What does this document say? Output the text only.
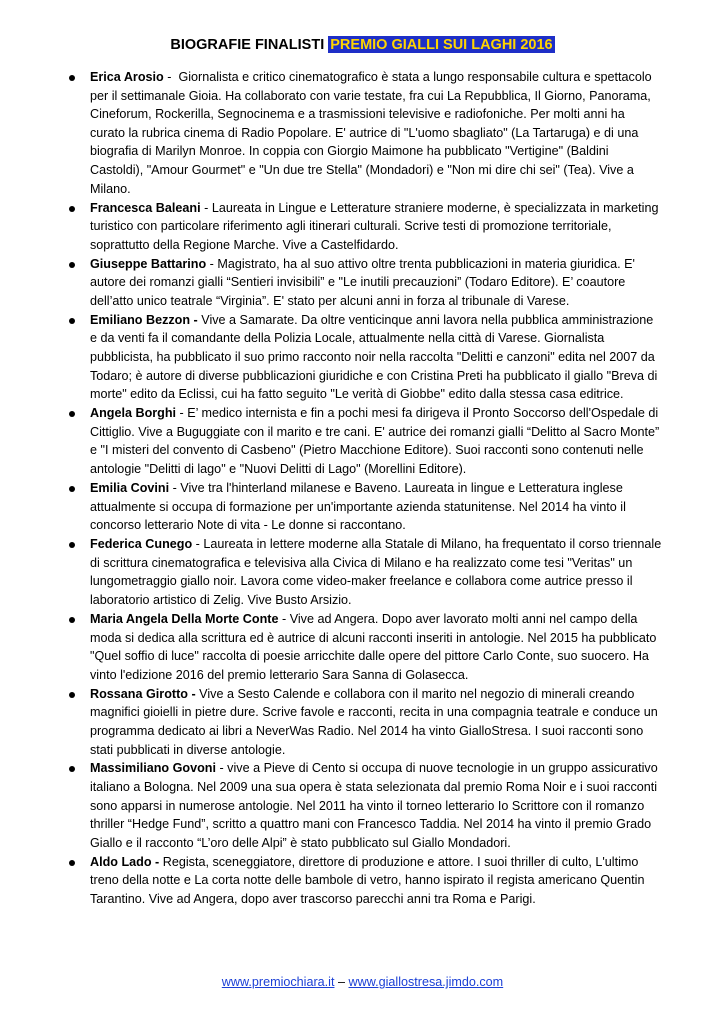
BIOGRAFIE FINALISTI PREMIO GIALLI SUI LAGHI 2016
Erica Arosio -  Giornalista e critico cinematografico è stata a lungo responsabile cultura e spettacolo per il settimanale Gioia. Ha collaborato con varie testate, fra cui La Repubblica, Il Giorno, Panorama, Cineforum, Rockerilla, Segnocinema e a trasmissioni televisive e radiofoniche. Per molti anni ha curato la rubrica cinema di Radio Popolare. E' autrice di "L'uomo sbagliato" (La Tartaruga) e di una biografia di Marilyn Monroe. In coppia con Giorgio Maimone ha pubblicato "Vertigine" (Baldini Castoldi), "Amour Gourmet" e "Un due tre Stella" (Mondadori) e "Non mi dire chi sei" (Tea). Vive a Milano.
Francesca Baleani - Laureata in Lingue e Letterature straniere moderne, è specializzata in marketing turistico con particolare riferimento agli itinerari culturali. Scrive testi di promozione territoriale, soprattutto della Regione Marche. Vive a Castelfidardo.
Giuseppe Battarino - Magistrato, ha al suo attivo oltre trenta pubblicazioni in materia giuridica. E' autore dei romanzi gialli “Sentieri invisibili” e "Le inutili precauzioni” (Todaro Editore). E’ coautore dell’atto unico teatrale “Virginia”. E' stato per alcuni anni in forza al tribunale di Varese.
Emiliano Bezzon - Vive a Samarate. Da oltre venticinque anni lavora nella pubblica amministrazione e da venti fa il comandante della Polizia Locale, attualmente nella città di Varese. Giornalista pubblicista, ha pubblicato il suo primo racconto noir nella raccolta "Delitti e canzoni" edita nel 2007 da Todaro; è autore di diverse pubblicazioni giuridiche e con Cristina Preti ha pubblicato il giallo "Breva di morte" edito da Eclissi, cui ha fatto seguito "Le verità di Giobbe" edito dalla stessa casa editrice.
Angela Borghi - E’ medico internista e fin a pochi mesi fa dirigeva il Pronto Soccorso dell'Ospedale di Cittiglio. Vive a Buguggiate con il marito e tre cani. E' autrice dei romanzi gialli “Delitto al Sacro Monte” e "I misteri del convento di Casbeno" (Pietro Macchione Editore). Suoi racconti sono contenuti nelle antologie "Delitti di lago" e "Nuovi Delitti di Lago" (Morellini Editore).
Emilia Covini - Vive tra l'hinterland milanese e Baveno. Laureata in lingue e Letteratura inglese attualmente si occupa di formazione per un'importante azienda statunitense. Nel 2014 ha vinto il concorso letterario Note di vita - Le donne si raccontano.
Federica Cunego - Laureata in lettere moderne alla Statale di Milano, ha frequentato il corso triennale di scrittura cinematografica e televisiva alla Civica di Milano e ha realizzato come tesi "Veritas" un lungometraggio giallo noir. Lavora come video-maker freelance e collabora come autrice presso il laboratorio artistico di Zelig. Vive Busto Arsizio.
Maria Angela Della Morte Conte - Vive ad Angera. Dopo aver lavorato molti anni nel campo della moda si dedica alla scrittura ed è autrice di alcuni racconti inseriti in antologie. Nel 2015 ha pubblicato "Quel soffio di luce" raccolta di poesie arricchite dalle opere del pittore Carlo Conte, suo suocero. Ha vinto l'edizione 2016 del premio letterario Sara Sanna di Golasecca.
Rossana Girotto - Vive a Sesto Calende e collabora con il marito nel negozio di minerali creando magnifici gioielli in pietre dure. Scrive favole e racconti, recita in una compagnia teatrale e conduce un programma dedicato ai libri a NeverWas Radio. Nel 2014 ha vinto GialloStresa. I suoi racconti sono stati pubblicati in diverse antologie.
Massimiliano Govoni - vive a Pieve di Cento si occupa di nuove tecnologie in un gruppo assicurativo italiano a Bologna. Nel 2009 una sua opera è stata selezionata dal premio Roma Noir e i suoi racconti sono apparsi in numerose antologie. Nel 2011 ha vinto il torneo letterario Io Scrittore con il romanzo thriller “Hedge Fund”, scritto a quattro mani con Francesco Taddia. Nel 2014 ha vinto il premio Grado Giallo e il racconto “L’oro delle Alpi” è stato pubblicato sul Giallo Mondadori.
Aldo Lado - Regista, sceneggiatore, direttore di produzione e attore. I suoi thriller di culto, L'ultimo treno della notte e La corta notte delle bambole di vetro, hanno ispirato il regista americano Quentin Tarantino. Vive ad Angera, dopo aver trascorso parecchi anni tra Roma e Parigi.
www.premiochiara.it – www.giallostresa.jimdo.com
